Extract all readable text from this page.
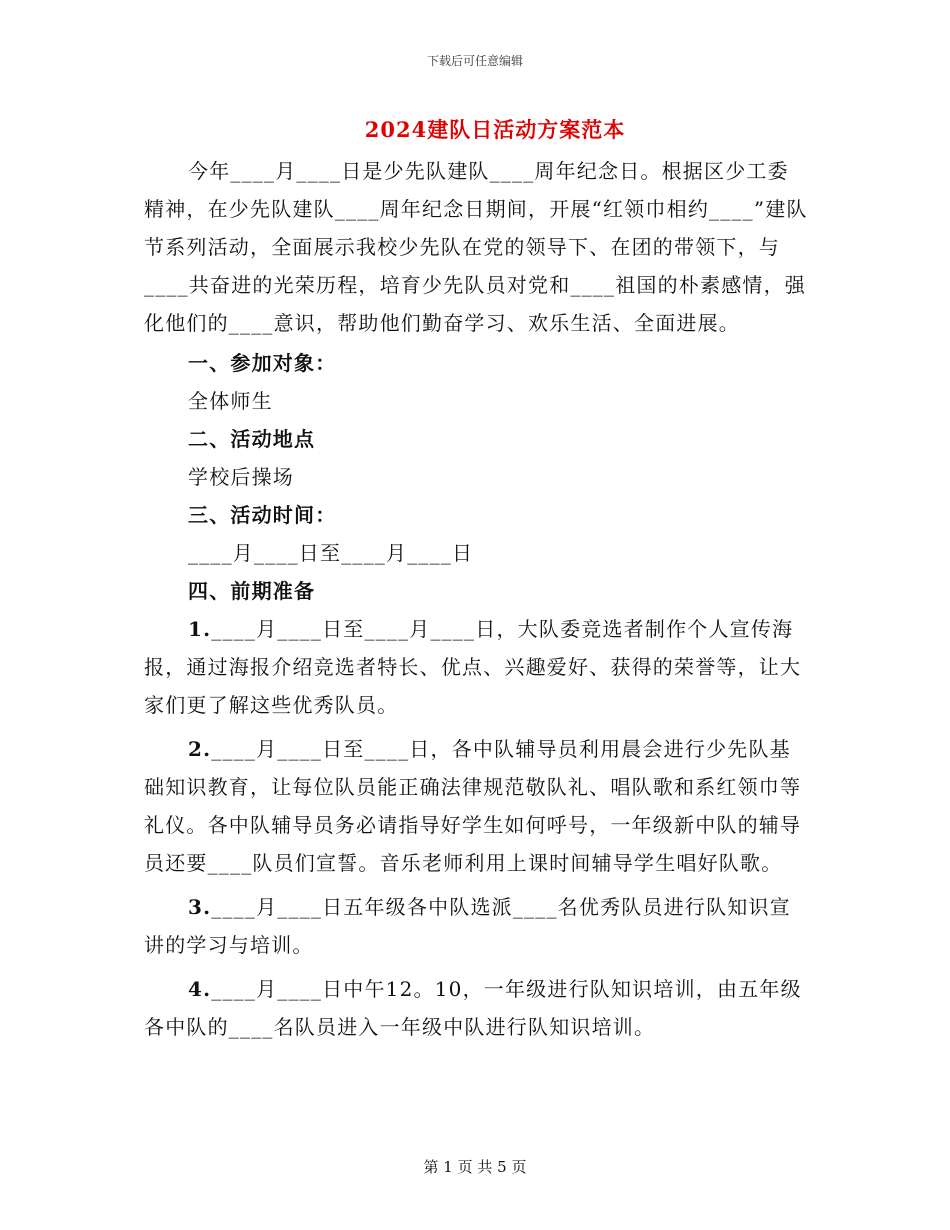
下载后可任意编辑
2024建队日活动方案范本

今年____月____日是少先队建队____周年纪念日。根据区少工委精神，在少先队建队____周年纪念日期间，开展“红领巾相约____”建队节系列活动，全面展示我校少先队在党的领导下、在团的带领下，与____共奋进的光荣历程，培育少先队员对党和____祖国的朴素感情，强化他们的____意识，帮助他们勤奋学习、欢乐生活、全面进展。

一、参加对象：

全体师生

二、活动地点

学校后操场

三、活动时间：

____月____日至____月____日

四、前期准备

1.____月____日至____月____日，大队委竞选者制作个人宣传海报，通过海报介绍竞选者特长、优点、兴趣爱好、获得的荣誉等，让大家们更了解这些优秀队员。

2.____月____日至____日，各中队辅导员利用晨会进行少先队基础知识教育，让每位队员能正确法律规范敬队礼、唱队歌和系红领巾等礼仪。各中队辅导员务必请指导好学生如何呼号，一年级新中队的辅导员还要____队员们宣誓。音乐老师利用上课时间辅导学生唱好队歌。

3.____月____日五年级各中队选派____名优秀队员进行队知识宣讲的学习与培训。

4.____月____日中午12。10，一年级进行队知识培训，由五年级各中队的____名队员进入一年级中队进行队知识培训。

第 1 页 共 5 页
